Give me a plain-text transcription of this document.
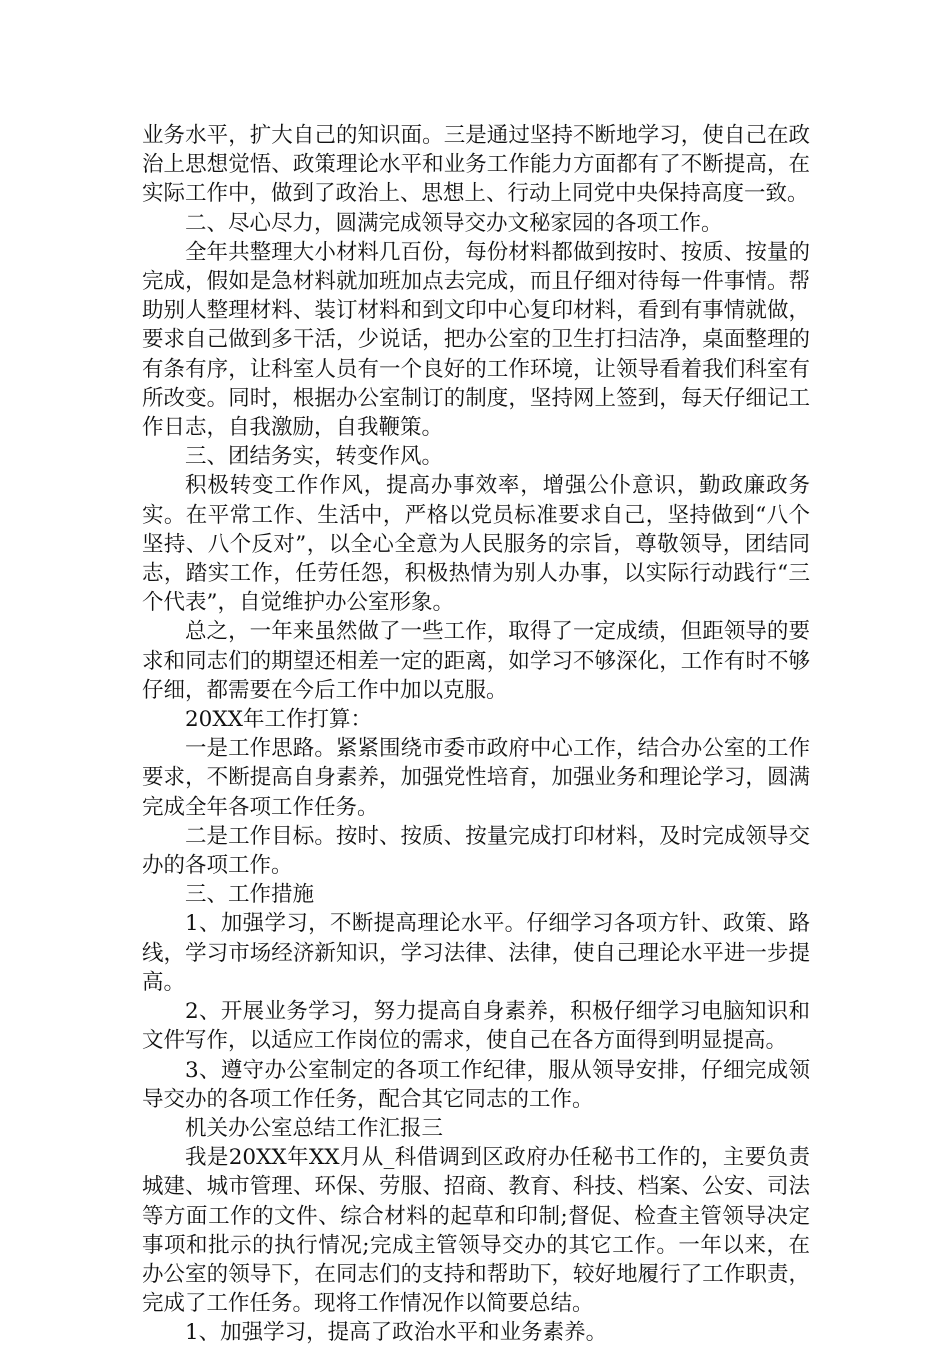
业务水平，扩大自己的知识面。三是通过坚持不断地学习，使自己在政治上思想觉悟、政策理论水平和业务工作能力方面都有了不断提高，在实际工作中，做到了政治上、思想上、行动上同党中央保持高度一致。

二、尽心尽力，圆满完成领导交办文秘家园的各项工作。

全年共整理大小材料几百份，每份材料都做到按时、按质、按量的完成，假如是急材料就加班加点去完成，而且仔细对待每一件事情。帮助别人整理材料、装订材料和到文印中心复印材料，看到有事情就做，要求自己做到多干活，少说话，把办公室的卫生打扫洁净，桌面整理的有条有序，让科室人员有一个良好的工作环境，让领导看着我们科室有所改变。同时，根据办公室制订的制度，坚持网上签到，每天仔细记工作日志，自我激励，自我鞭策。

三、团结务实，转变作风。

积极转变工作作风，提高办事效率，增强公仆意识，勤政廉政务实。在平常工作、生活中，严格以党员标准要求自己，坚持做到“八个坚持、八个反对”，以全心全意为人民服务的宗旨，尊敬领导，团结同志，踏实工作，任劳任怨，积极热情为别人办事，以实际行动践行“三个代表”，自觉维护办公室形象。

总之，一年来虽然做了一些工作，取得了一定成绩，但距领导的要求和同志们的期望还相差一定的距离，如学习不够深化，工作有时不够仔细，都需要在今后工作中加以克服。

20XX年工作打算：

一是工作思路。紧紧围绕市委市政府中心工作，结合办公室的工作要求，不断提高自身素养，加强党性培育，加强业务和理论学习，圆满完成全年各项工作任务。

二是工作目标。按时、按质、按量完成打印材料，及时完成领导交办的各项工作。

三、工作措施

1、加强学习，不断提高理论水平。仔细学习各项方针、政策、路线，学习市场经济新知识，学习法律、法律，使自己理论水平进一步提高。

2、开展业务学习，努力提高自身素养，积极仔细学习电脑知识和文件写作，以适应工作岗位的需求，使自己在各方面得到明显提高。

3、遵守办公室制定的各项工作纪律，服从领导安排，仔细完成领导交办的各项工作任务，配合其它同志的工作。

机关办公室总结工作汇报三

我是20XX年XX月从_科借调到区政府办任秘书工作的，主要负责城建、城市管理、环保、劳服、招商、教育、科技、档案、公安、司法等方面工作的文件、综合材料的起草和印制;督促、检查主管领导决定事项和批示的执行情况;完成主管领导交办的其它工作。一年以来，在办公室的领导下，在同志们的支持和帮助下，较好地履行了工作职责，完成了工作任务。现将工作情况作以简要总结。

1、加强学习，提高了政治水平和业务素养。
